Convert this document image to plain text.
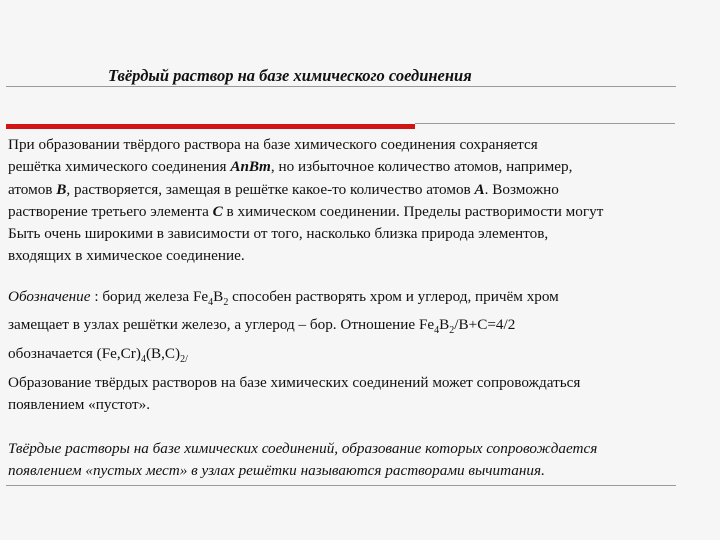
Твёрдый раствор на базе химического соединения
При образовании твёрдого раствора на базе химического соединения сохраняется
решётка химического соединения AnBm, но избыточное количество атомов, например,
атомов B, растворяется, замещая в решётке какое-то количество атомов A. Возможно
растворение третьего элемента C в химическом соединении. Пределы растворимости могут
Быть очень широкими в зависимости от того, насколько близка природа элементов,
входящих в химическое соединение.
Обозначение : борид железа $Fe_4B_2$ способен растворять хром и углерод, причём хром
замещает в узлах решётки железо, а углерод – бор. Отношение $Fe_4B_2/B+C=4/2$
обозначается $(Fe,Cr)_4(B,C)_{2/}$
Образование твёрдых растворов на базе химических соединений может сопровождаться
появлением «пустот».
Твёрдые растворы на базе химических соединений, образование которых сопровождается
появлением «пустых мест» в узлах решётки называются растворами вычитания.
